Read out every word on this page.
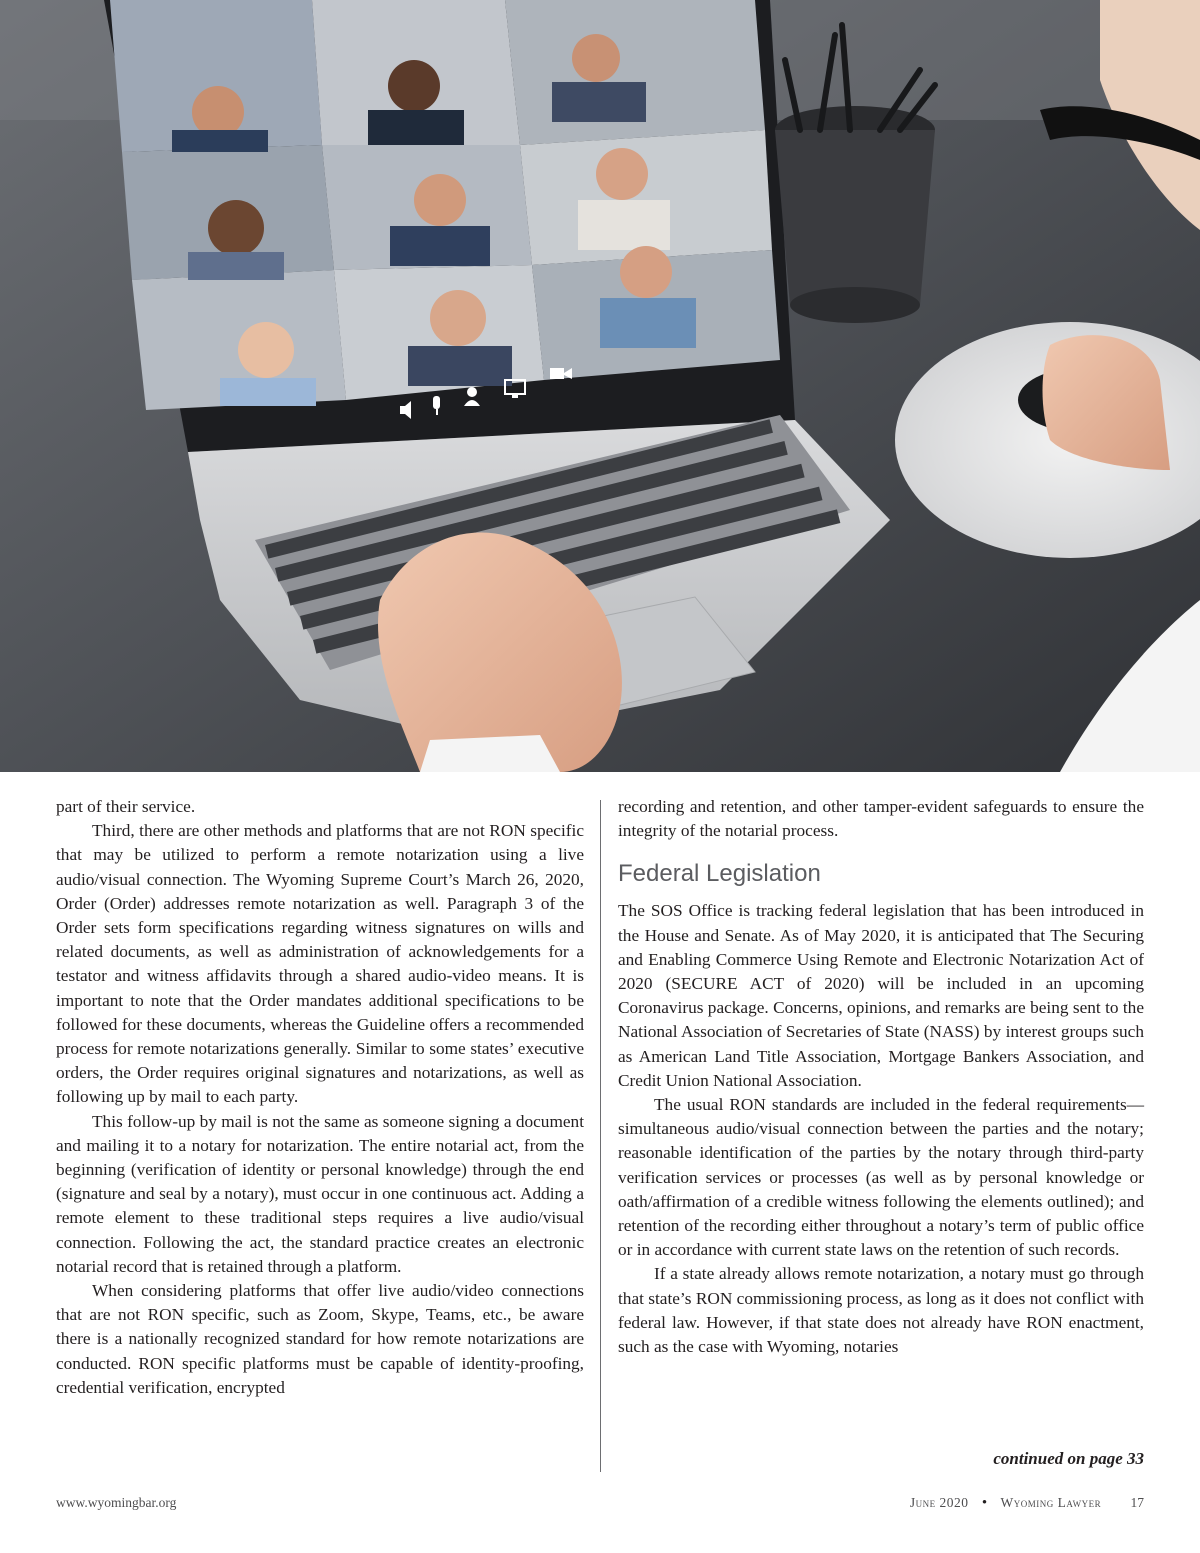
part of their service.

Third, there are other methods and platforms that are not RON specific that may be utilized to perform a remote notarization using a live audio/visual connection. The Wyoming Supreme Court’s March 26, 2020, Order (Order) addresses remote notarization as well. Paragraph 3 of the Order sets form specifications regarding witness signatures on wills and related documents, as well as administration of acknowledgements for a testator and witness affidavits through a shared audio-video means. It is important to note that the Order mandates additional specifications to be followed for these documents, whereas the Guideline offers a recommended process for remote notarizations generally. Similar to some states’ executive orders, the Order requires original signatures and notarizations, as well as following up by mail to each party.

This follow-up by mail is not the same as someone signing a document and mailing it to a notary for notarization. The entire notarial act, from the beginning (verification of identity or personal knowledge) through the end (signature and seal by a notary), must occur in one continuous act. Adding a remote element to these traditional steps requires a live audio/visual connection. Following the act, the standard practice creates an electronic notarial record that is retained through a platform.

When considering platforms that offer live audio/video connections that are not RON specific, such as Zoom, Skype, Teams, etc., be aware there is a nationally recognized standard for how remote notarizations are conducted. RON specific platforms must be capable of identity-proofing, credential verification, encrypted

recording and retention, and other tamper-evident safeguards to ensure the integrity of the notarial process.

Federal Legislation

The SOS Office is tracking federal legislation that has been introduced in the House and Senate. As of May 2020, it is anticipated that The Securing and Enabling Commerce Using Remote and Electronic Notarization Act of 2020 (SECURE ACT of 2020) will be included in an upcoming Coronavirus package. Concerns, opinions, and remarks are being sent to the National Association of Secretaries of State (NASS) by interest groups such as American Land Title Association, Mortgage Bankers Association, and Credit Union National Association.

The usual RON standards are included in the federal requirements—simultaneous audio/visual connection between the parties and the notary; reasonable identification of the parties by the notary through third-party verification services or processes (as well as by personal knowledge or oath/affirmation of a credible witness following the elements outlined); and retention of the recording either throughout a notary’s term of public office or in accordance with current state laws on the retention of such records.

If a state already allows remote notarization, a notary must go through that state’s RON commissioning process, as long as it does not conflict with federal law. However, if that state does not already have RON enactment, such as the case with Wyoming, notaries

continued on page 33
www.wyomingbar.org	June 2020 • Wyoming Lawyer 17
